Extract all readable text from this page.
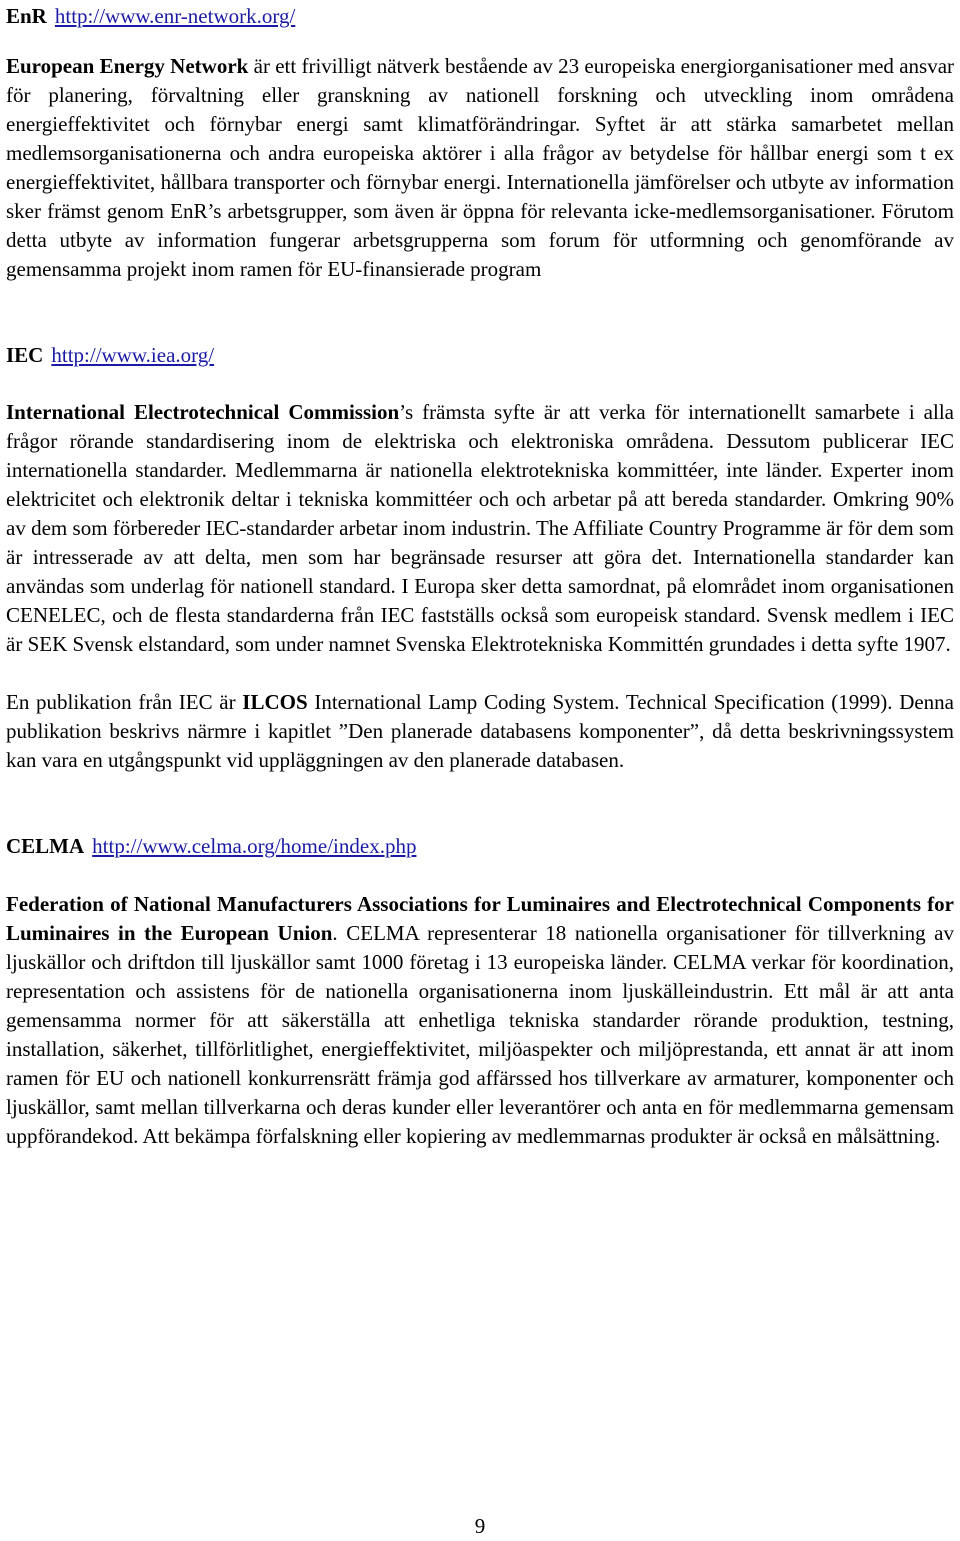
EnR http://www.enr-network.org/

European Energy Network är ett frivilligt nätverk bestående av 23 europeiska energiorganisationer med ansvar för planering, förvaltning eller granskning av nationell forskning och utveckling inom områdena energieffektivitet och förnybar energi samt klimatförändringar. Syftet är att stärka samarbetet mellan medlemsorganisationerna och andra europeiska aktörer i alla frågor av betydelse för hållbar energi som t ex energieffektivitet, hållbara transporter och förnybar energi. Internationella jämförelser och utbyte av information sker främst genom EnR’s arbetsgrupper, som även är öppna för relevanta icke-medlemsorganisationer. Förutom detta utbyte av information fungerar arbetsgrupperna som forum för utformning och genomförande av gemensamma projekt inom ramen för EU-finansierade program

IEC http://www.iea.org/

International Electrotechnical Commission’s främsta syfte är att verka för internationellt samarbete i alla frågor rörande standardisering inom de elektriska och elektroniska områdena. Dessutom publicerar IEC internationella standarder. Medlemmarna är nationella elektrotekniska kommittéer, inte länder. Experter inom elektricitet och elektronik deltar i tekniska kommittéer och och arbetar på att bereda standarder. Omkring 90% av dem som förbereder IEC-standarder arbetar inom industrin. The Affiliate Country Programme är för dem som är intresserade av att delta, men som har begränsade resurser att göra det. Internationella standarder kan användas som underlag för nationell standard. I Europa sker detta samordnat, på elområdet inom organisationen CENELEC, och de flesta standarderna från IEC fastställs också som europeisk standard. Svensk medlem i IEC är SEK Svensk elstandard, som under namnet Svenska Elektrotekniska Kommittén grundades i detta syfte 1907.

En publikation från IEC är ILCOS International Lamp Coding System. Technical Specification (1999). Denna publikation beskrivs närmre i kapitlet ”Den planerade databasens komponenter”, då detta beskrivningssystem kan vara en utgångspunkt vid uppläggningen av den planerade databasen.

CELMA http://www.celma.org/home/index.php

Federation of National Manufacturers Associations for Luminaires and Electrotechnical Components for Luminaires in the European Union. CELMA representerar 18 nationella organisationer för tillverkning av ljuskällor och driftdon till ljuskällor samt 1000 företag i 13 europeiska länder. CELMA verkar för koordination, representation och assistens för de nationella organisationerna inom ljuskälleindustrin. Ett mål är att anta gemensamma normer för att säkerställa att enhetliga tekniska standarder rörande produktion, testning, installation, säkerhet, tillförlitlighet, energieffektivitet, miljöaspekter och miljöprestanda, ett annat är att inom ramen för EU och nationell konkurrensrätt främja god affärssed hos tillverkare av armaturer, komponenter och ljuskällor, samt mellan tillverkarna och deras kunder eller leverantörer och anta en för medlemmarna gemensam uppförandekod. Att bekämpa förfalskning eller kopiering av medlemmarnas produkter är också en målsättning.

9
